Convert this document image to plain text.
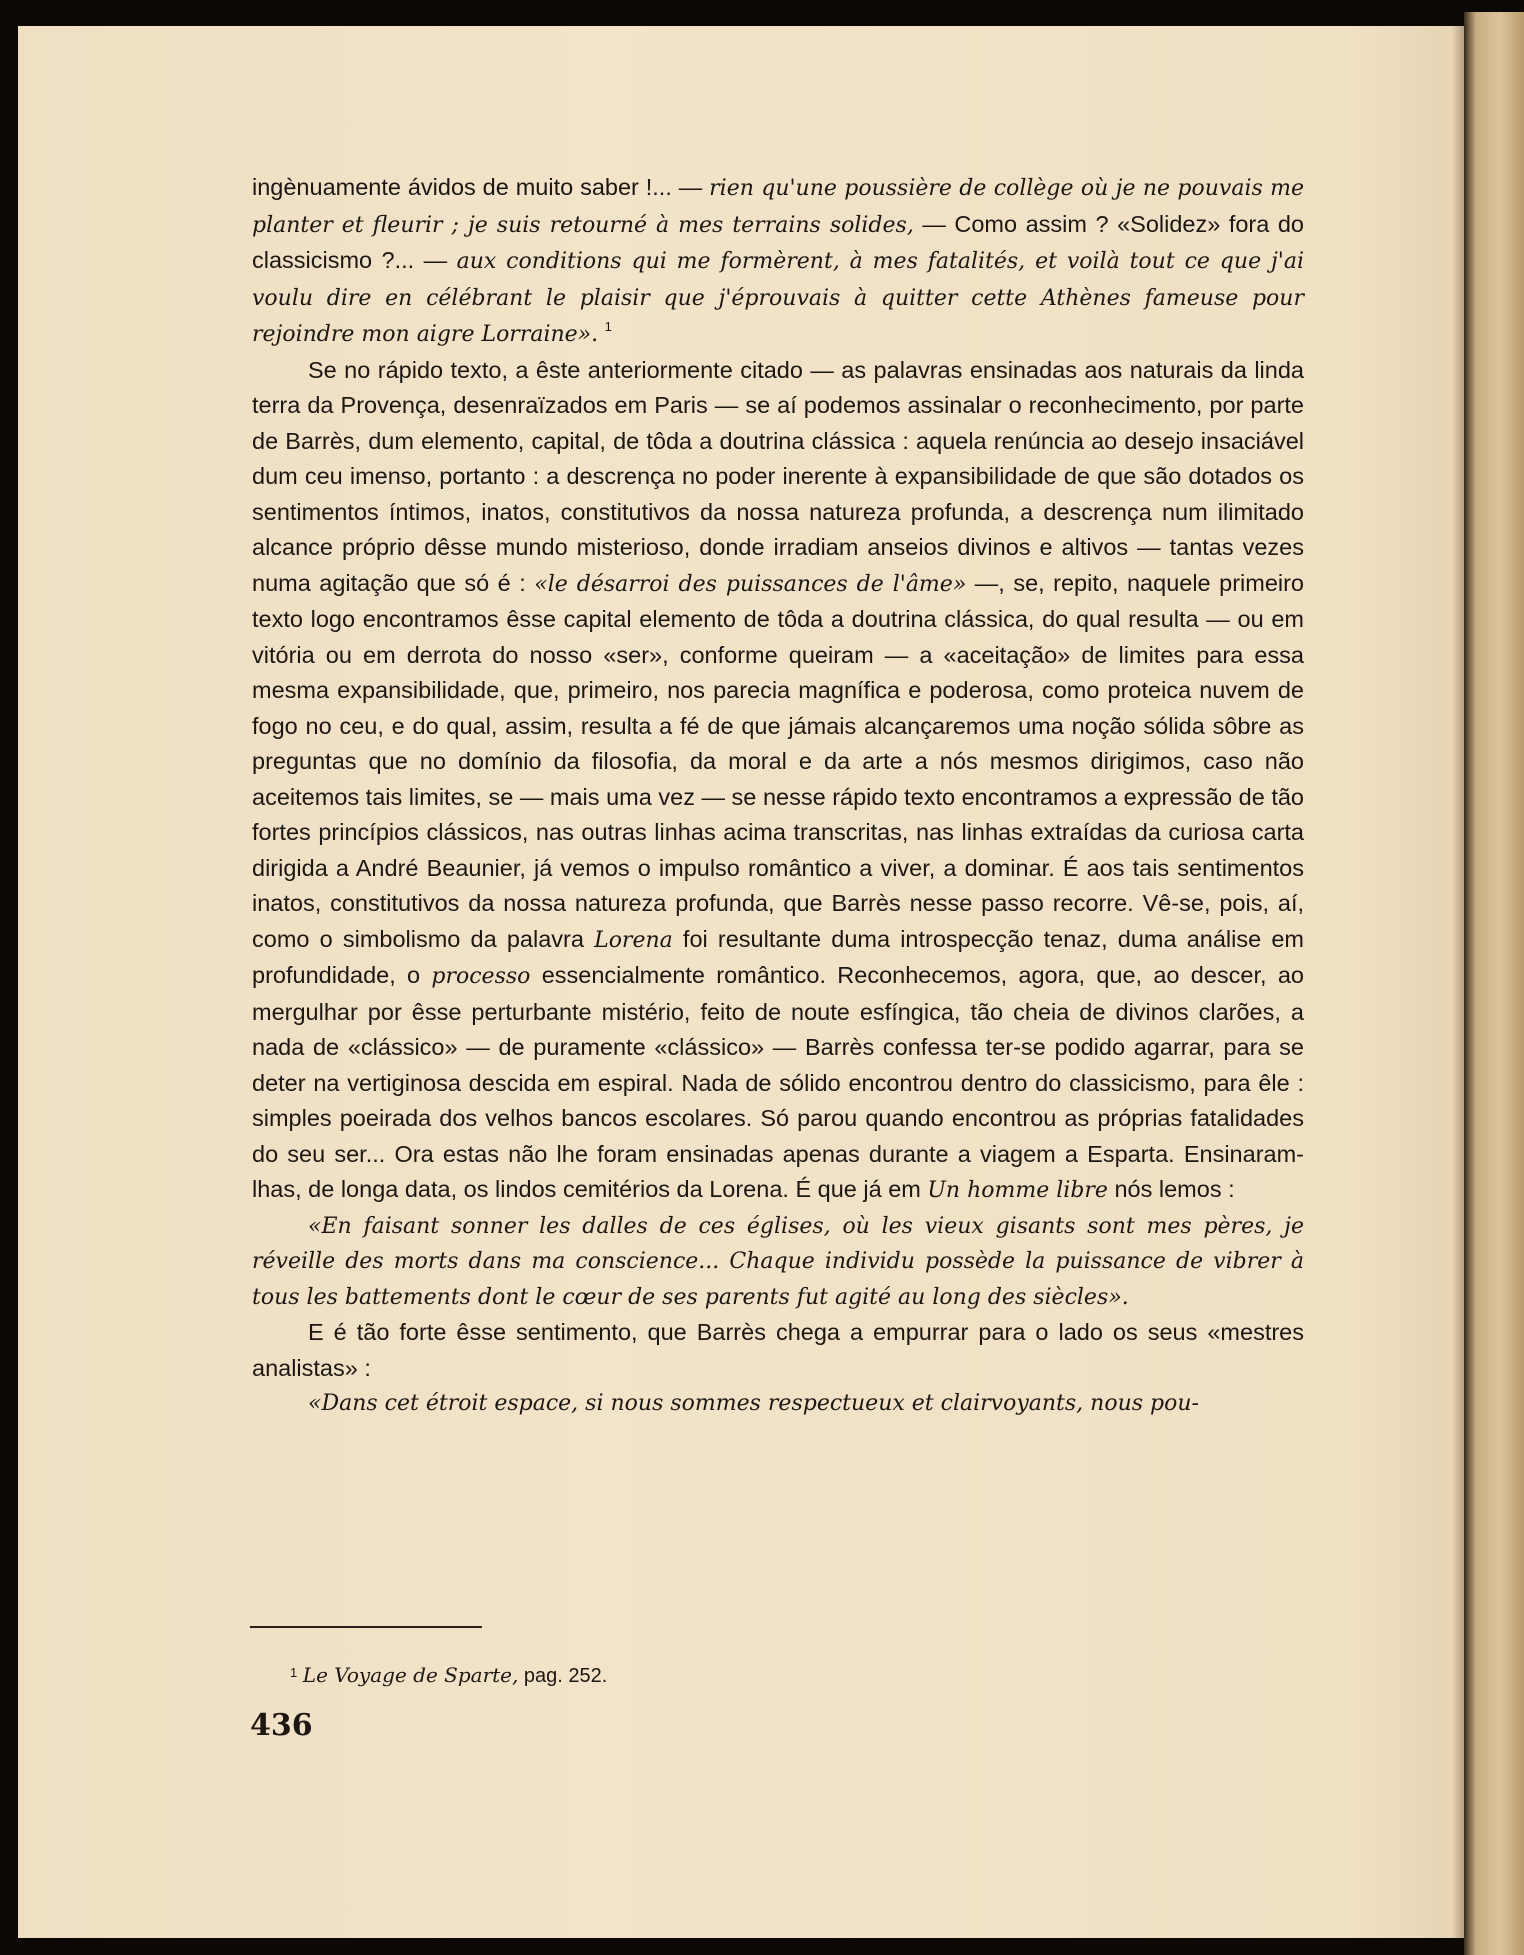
ingènuamente ávidos de muito saber !... — rien qu'une poussière de collège où je ne pouvais me planter et fleurir ; je suis retourné à mes terrains solides, — Como assim ? «Solidez» fora do classicismo ?... — aux conditions qui me formèrent, à mes fatalités, et voilà tout ce que j'ai voulu dire en célébrant le plaisir que j'éprouvais à quitter cette Athènes fameuse pour rejoindre mon aigre Lorraine». $^1$

Se no rápido texto, a êste anteriormente citado — as palavras ensinadas aos naturais da linda terra da Provença, desenraïzados em Paris — se aí podemos assinalar o reconhecimento, por parte de Barrès, dum elemento, capital, de tôda a doutrina clássica : aquela renúncia ao desejo insaciável dum ceu imenso, portanto : a descrença no poder inerente à expansibilidade de que são dotados os sentimentos íntimos, inatos, constitutivos da nossa natureza profunda, a descrença num ilimitado alcance próprio dêsse mundo misterioso, donde irradiam anseios divinos e altivos — tantas vezes numa agitação que só é : «le désarroi des puissances de l'âme» —, se, repito, naquele primeiro texto logo encontramos êsse capital elemento de tôda a doutrina clássica, do qual resulta — ou em vitória ou em derrota do nosso «ser», conforme queiram — a «aceitação» de limites para essa mesma expansibilidade, que, primeiro, nos parecia magnífica e poderosa, como proteica nuvem de fogo no ceu, e do qual, assim, resulta a fé de que jámais alcançaremos uma noção sólida sôbre as preguntas que no domínio da filosofia, da moral e da arte a nós mesmos dirigimos, caso não aceitemos tais limites, se — mais uma vez — se nesse rápido texto encontramos a expressão de tão fortes princípios clássicos, nas outras linhas acima transcritas, nas linhas extraídas da curiosa carta dirigida a André Beaunier, já vemos o impulso romântico a viver, a dominar. É aos tais sentimentos inatos, constitutivos da nossa natureza profunda, que Barrès nesse passo recorre. Vê-se, pois, aí, como o simbolismo da palavra Lorena foi resultante duma introspecção tenaz, duma análise em profundidade, o processo essencialmente romântico. Reconhecemos, agora, que, ao descer, ao mergulhar por êsse perturbante mistério, feito de noute esfíngica, tão cheia de divinos clarões, a nada de «clássico» — de puramente «clássico» — Barrès confessa ter-se podido agarrar, para se deter na vertiginosa descida em espiral. Nada de sólido encontrou dentro do classicismo, para êle : simples poeirada dos velhos bancos escolares. Só parou quando encontrou as próprias fatalidades do seu ser... Ora estas não lhe foram ensinadas apenas durante a viagem a Esparta. Ensinaram-lhas, de longa data, os lindos cemitérios da Lorena. É que já em Un homme libre nós lemos :

«En faisant sonner les dalles de ces églises, où les vieux gisants sont mes pères, je réveille des morts dans ma conscience... Chaque individu possède la puissance de vibrer à tous les battements dont le cœur de ses parents fut agité au long des siècles».

E é tão forte êsse sentimento, que Barrès chega a empurrar para o lado os seus «mestres analistas» :

«Dans cet étroit espace, si nous sommes respectueux et clairvoyants, nous pou-

$^1$ Le Voyage de Sparte, pag. 252.
436
